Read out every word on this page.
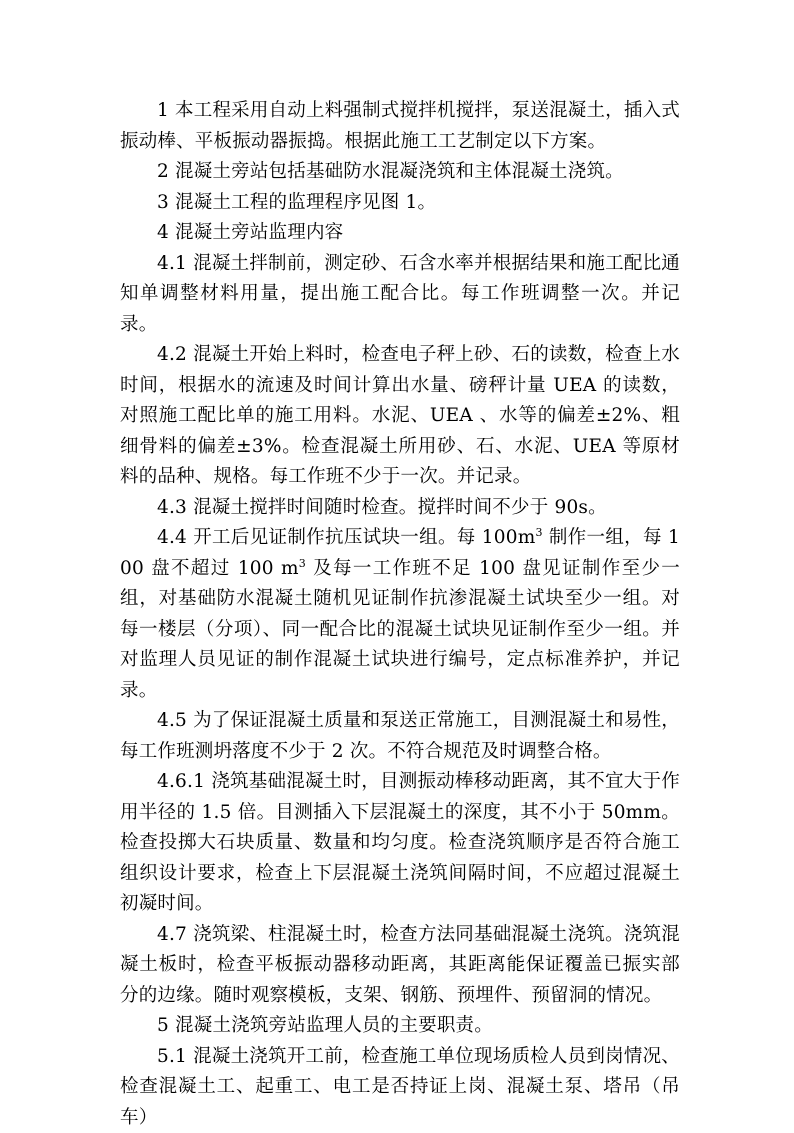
1 本工程采用自动上料强制式搅拌机搅拌，泵送混凝土，插入式振动棒、平板振动器振捣。根据此施工工艺制定以下方案。

2 混凝土旁站包括基础防水混凝浇筑和主体混凝土浇筑。

3 混凝土工程的监理程序见图 1。

4 混凝土旁站监理内容

4.1 混凝土拌制前，测定砂、石含水率并根据结果和施工配比通知单调整材料用量，提出施工配合比。每工作班调整一次。并记录。

4.2 混凝土开始上料时，检查电子秤上砂、石的读数，检查上水时间，根据水的流速及时间计算出水量、磅秤计量 UEA 的读数，对照施工配比单的施工用料。水泥、UEA 、水等的偏差±2%、粗细骨料的偏差±3%。检查混凝土所用砂、石、水泥、UEA 等原材料的品种、规格。每工作班不少于一次。并记录。

4.3 混凝土搅拌时间随时检查。搅拌时间不少于 90s。

4.4 开工后见证制作抗压试块一组。每 $100m^3$ 制作一组，每 100 盘不超过 100 $m^3$ 及每一工作班不足 100 盘见证制作至少一组，对基础防水混凝土随机见证制作抗渗混凝土试块至少一组。对每一楼层（分项）、同一配合比的混凝土试块见证制作至少一组。并对监理人员见证的制作混凝土试块进行编号，定点标准养护，并记录。

4.5 为了保证混凝土质量和泵送正常施工，目测混凝土和易性，每工作班测坍落度不少于 2 次。不符合规范及时调整合格。

4.6.1 浇筑基础混凝土时，目测振动棒移动距离，其不宜大于作用半径的 1.5 倍。目测插入下层混凝土的深度，其不小于 50mm。检查投掷大石块质量、数量和均匀度。检查浇筑顺序是否符合施工组织设计要求，检查上下层混凝土浇筑间隔时间，不应超过混凝土初凝时间。

4.7 浇筑梁、柱混凝土时，检查方法同基础混凝土浇筑。浇筑混凝土板时，检查平板振动器移动距离，其距离能保证覆盖已振实部分的边缘。随时观察模板，支架、钢筋、预埋件、预留洞的情况。

5 混凝土浇筑旁站监理人员的主要职责。

5.1 混凝土浇筑开工前，检查施工单位现场质检人员到岗情况、检查混凝土工、起重工、电工是否持证上岗、混凝土泵、塔吊（吊车）
